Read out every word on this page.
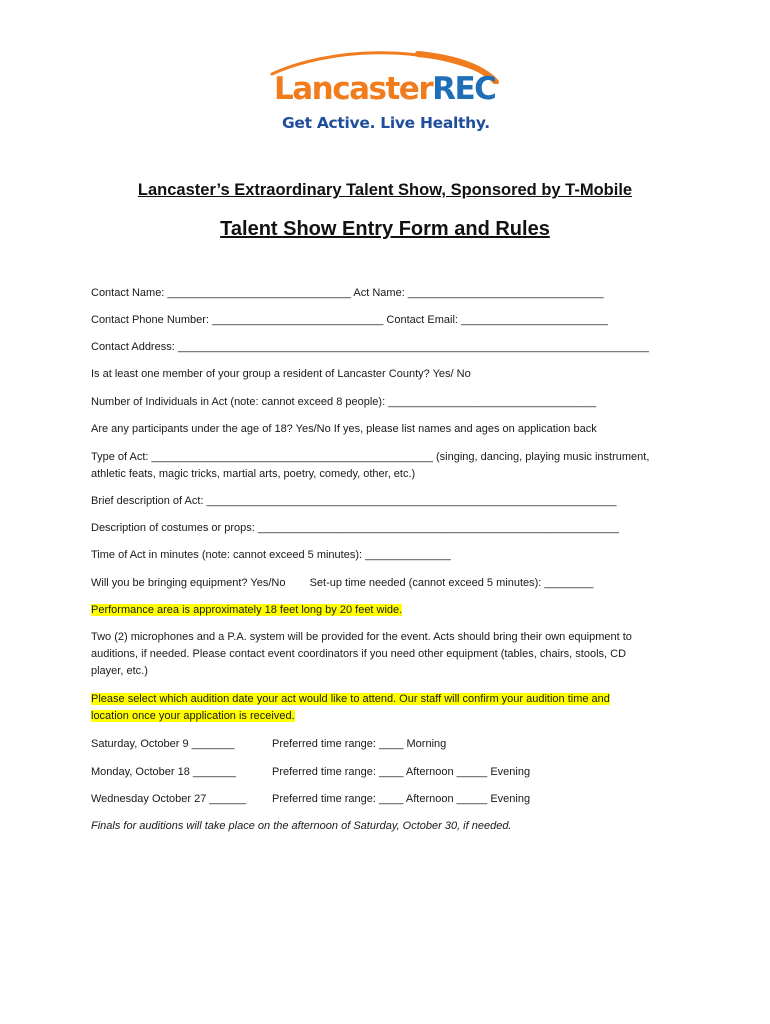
LancasterREC

Get Active. Live Healthy.

Lancaster’s Extraordinary Talent Show, Sponsored by T-Mobile

Talent Show Entry Form and Rules

Contact Name: ______________________________ Act Name: ________________________________

Contact Phone Number: ____________________________ Contact Email: ________________________

Contact Address: _____________________________________________________________________________

Is at least one member of your group a resident of Lancaster County? Yes/ No

Number of Individuals in Act (note: cannot exceed 8 people): __________________________________

Are any participants under the age of 18? Yes/No If yes, please list names and ages on application back

Type of Act: ______________________________________________ (singing, dancing, playing music instrument,

athletic feats, magic tricks, martial arts, poetry, comedy, other, etc.)

Brief description of Act: ___________________________________________________________________

Description of costumes or props: ___________________________________________________________

Time of Act in minutes (note: cannot exceed 5 minutes): ______________

Will you be bringing equipment? Yes/No Set-up time needed (cannot exceed 5 minutes): ________

Performance area is approximately 18 feet long by 20 feet wide.

Two (2) microphones and a P.A. system will be provided for the event. Acts should bring their own equipment to

auditions, if needed. Please contact event coordinators if you need other equipment (tables, chairs, stools, CD

player, etc.)

Please select which audition date your act would like to attend. Our staff will confirm your audition time and

location once your application is received.

Saturday, October 9 _______	Preferred time range: ____ Morning

Monday, October 18 _______	Preferred time range: ____ Afternoon _____ Evening

Wednesday October 27 ______ Preferred time range: ____ Afternoon _____ Evening

Finals for auditions will take place on the afternoon of Saturday, October 30, if needed.
